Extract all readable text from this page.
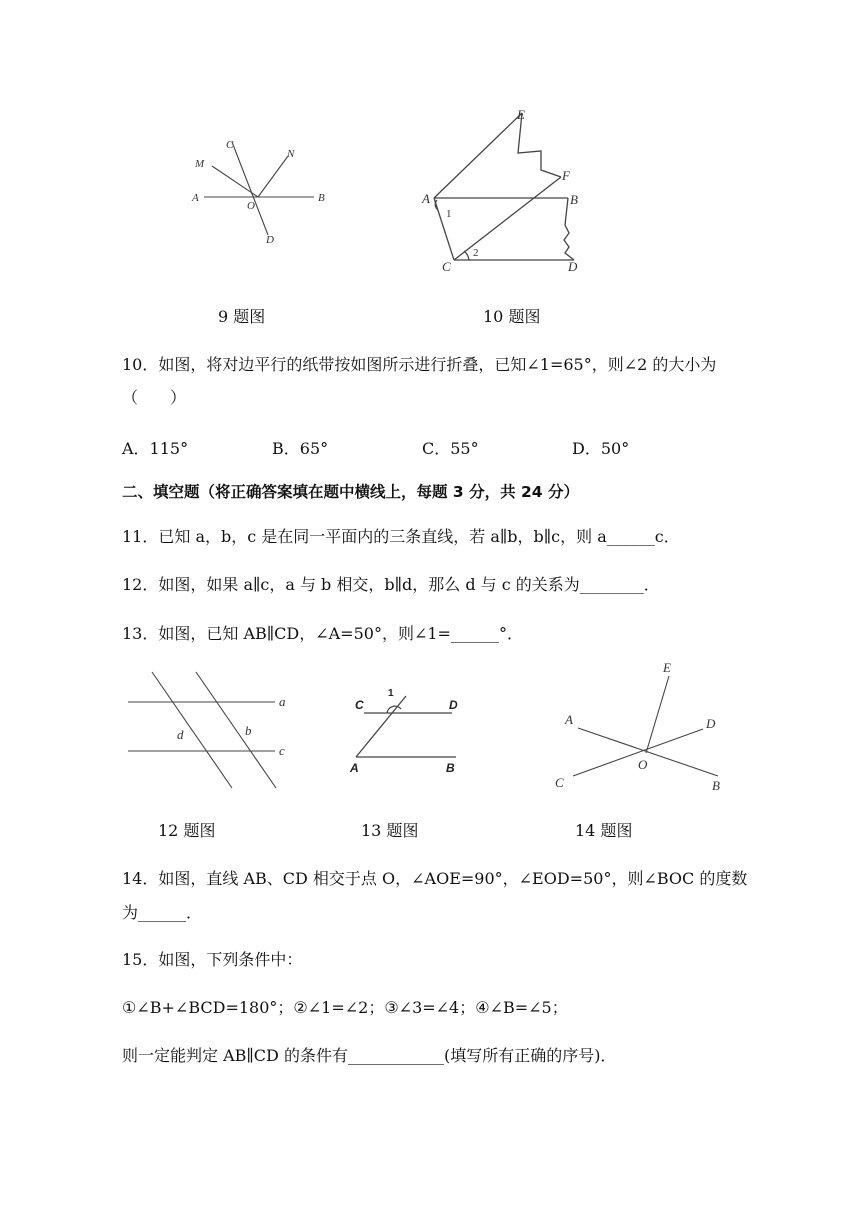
C
N
M
A
O
B
D
9 题图
E
F
A	B
C	D
1
2
10 题图
10．如图，将对边平行的纸带按如图所示进行折叠，已知∠1=65°，则∠2 的大小为
（　　）
A．115°	B．65°	C．55°	D．50°
二、填空题（将正确答案填在题中横线上，每题 3 分，共 24 分）
11．已知 a，b，c 是在同一平面内的三条直线，若 a∥b，b∥c，则 a______c．
12．如图，如果 a∥c，a 与 b 相交，b∥d，那么 d 与 c 的关系为________．
13．如图，已知 AB∥CD，∠A=50°，则∠1=______°．
a
c
d	b
12 题图
C	D
A	B
1
13 题图
E
A	D
O
C	B
14 题图
14．如图，直线 AB、CD 相交于点 O，∠AOE=90°，∠EOD=50°，则∠BOC 的度数
为______．
15．如图，下列条件中：
①∠B+∠BCD=180°；②∠1=∠2；③∠3=∠4；④∠B=∠5；
则一定能判定 AB∥CD 的条件有____________(填写所有正确的序号)．
